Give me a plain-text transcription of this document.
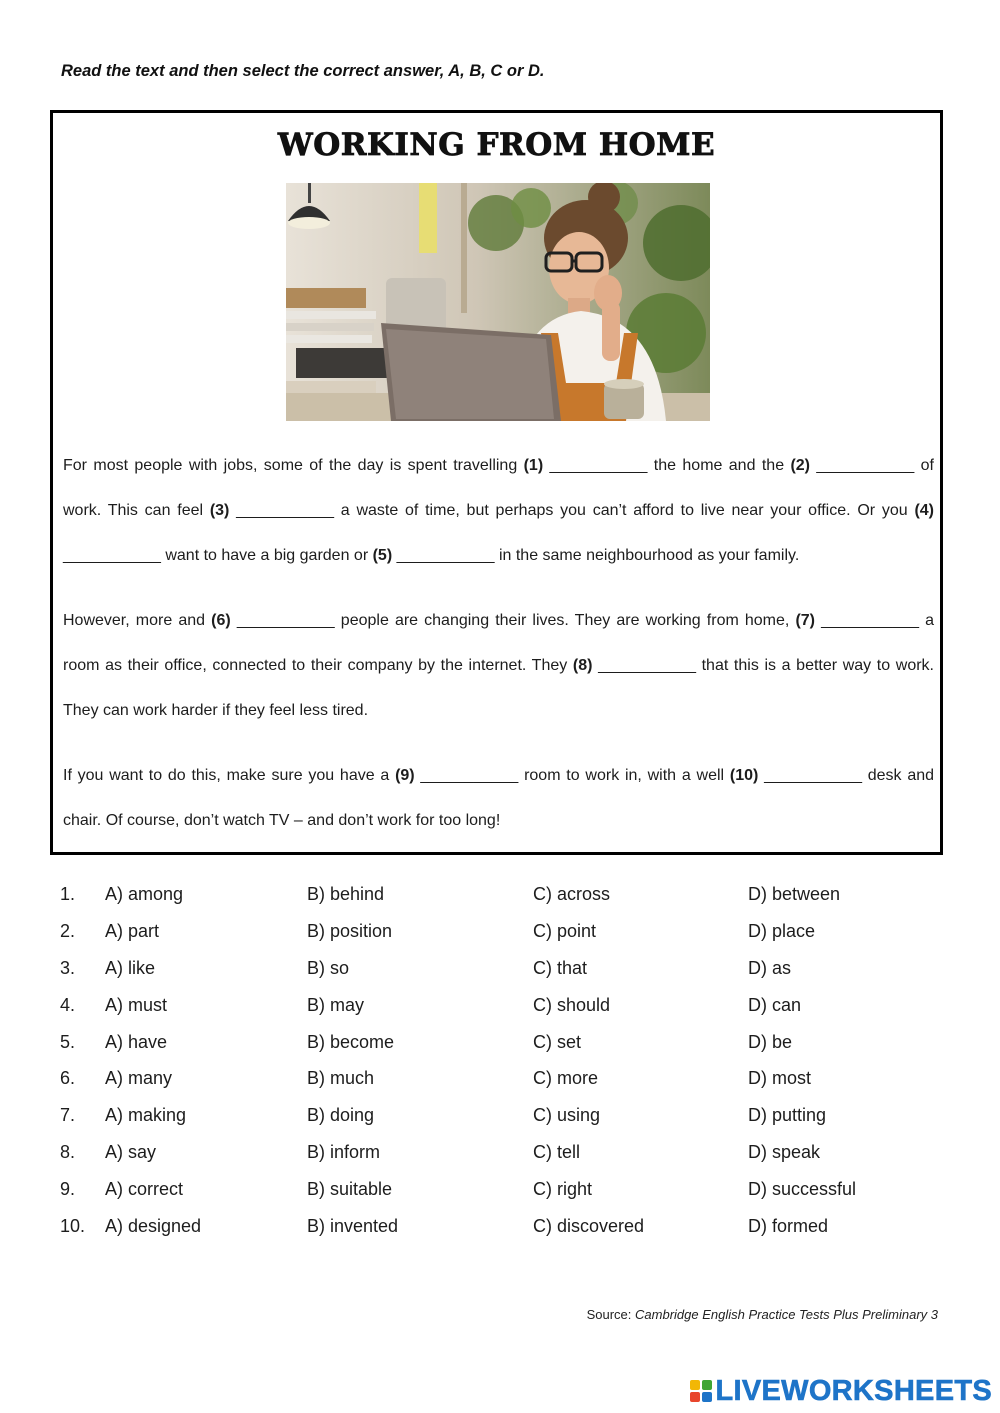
Read the text and then select the correct answer, A, B, C or D.
WORKING FROM HOME
For most people with jobs, some of the day is spent travelling (1) ___________ the home and the (2) ___________ of work. This can feel (3) ___________ a waste of time, but perhaps you can’t afford to live near your office. Or you (4) ___________ want to have a big garden or (5) ___________ in the same neighbourhood as your family.
However, more and (6) ___________ people are changing their lives. They are working from home, (7) ___________ a room as their office, connected to their company by the internet. They (8) ___________ that this is a better way to work. They can work harder if they feel less tired.
If you want to do this, make sure you have a (9) ___________ room to work in, with a well (10) ___________ desk and chair. Of course, don’t watch TV – and don’t work for too long!
1. A) among	B) behind	C) across	D) between
2. A) part	B) position	C) point	D) place
3. A) like	B) so	C) that	D) as
4. A) must	B) may	C) should	D) can
5. A) have	B) become	C) set	D) be
6. A) many	B) much	C) more	D) most
7. A) making	B) doing	C) using	D) putting
8. A) say	B) inform	C) tell	D) speak
9. A) correct	B) suitable	C) right	D) successful
10. A) designed	B) invented	C) discovered	D) formed
Source: Cambridge English Practice Tests Plus Preliminary 3
LIVEWORKSHEETS
